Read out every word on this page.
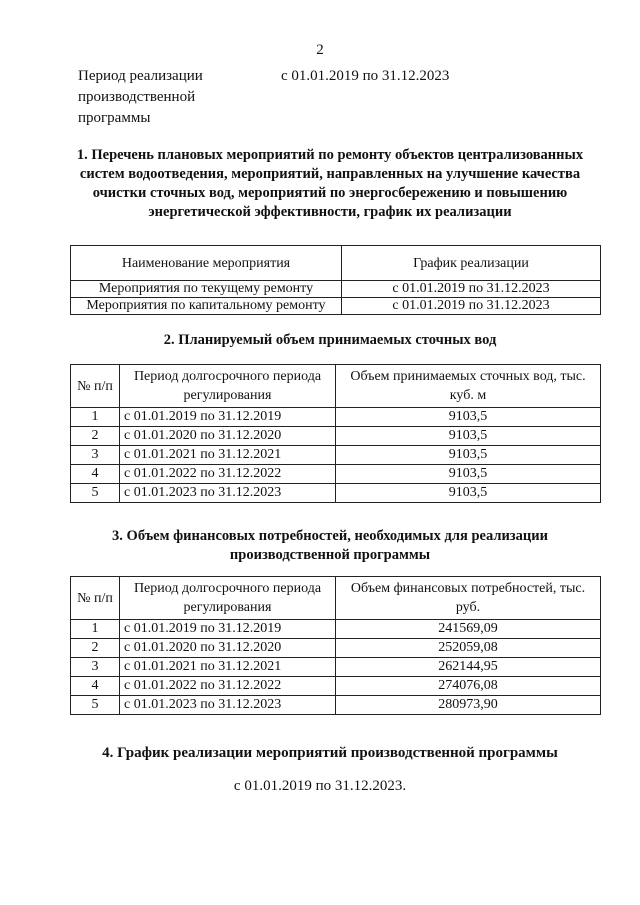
2
Период реализации производственной программы
с 01.01.2019 по 31.12.2023
1. Перечень плановых мероприятий по ремонту объектов централизованных систем водоотведения, мероприятий, направленных на улучшение качества очистки сточных вод, мероприятий по энергосбережению и повышению энергетической эффективности, график их реализации
Наименование мероприятия	График реализации
Мероприятия по текущему ремонту	с 01.01.2019 по 31.12.2023
Мероприятия по капитальному ремонту	с 01.01.2019 по 31.12.2023
2. Планируемый объем принимаемых сточных вод
№ п/п	Период долгосрочного периода регулирования	Объем принимаемых сточных вод, тыс. куб. м
1	с 01.01.2019 по 31.12.2019	9103,5
2	с 01.01.2020 по 31.12.2020	9103,5
3	с 01.01.2021 по 31.12.2021	9103,5
4	с 01.01.2022 по 31.12.2022	9103,5
5	с 01.01.2023 по 31.12.2023	9103,5
3. Объем финансовых потребностей, необходимых для реализации производственной программы
№ п/п	Период долгосрочного периода регулирования	Объем финансовых потребностей, тыс. руб.
1	с 01.01.2019 по 31.12.2019	241569,09
2	с 01.01.2020 по 31.12.2020	252059,08
3	с 01.01.2021 по 31.12.2021	262144,95
4	с 01.01.2022 по 31.12.2022	274076,08
5	с 01.01.2023 по 31.12.2023	280973,90
4. График реализации мероприятий производственной программы
с 01.01.2019 по 31.12.2023.
